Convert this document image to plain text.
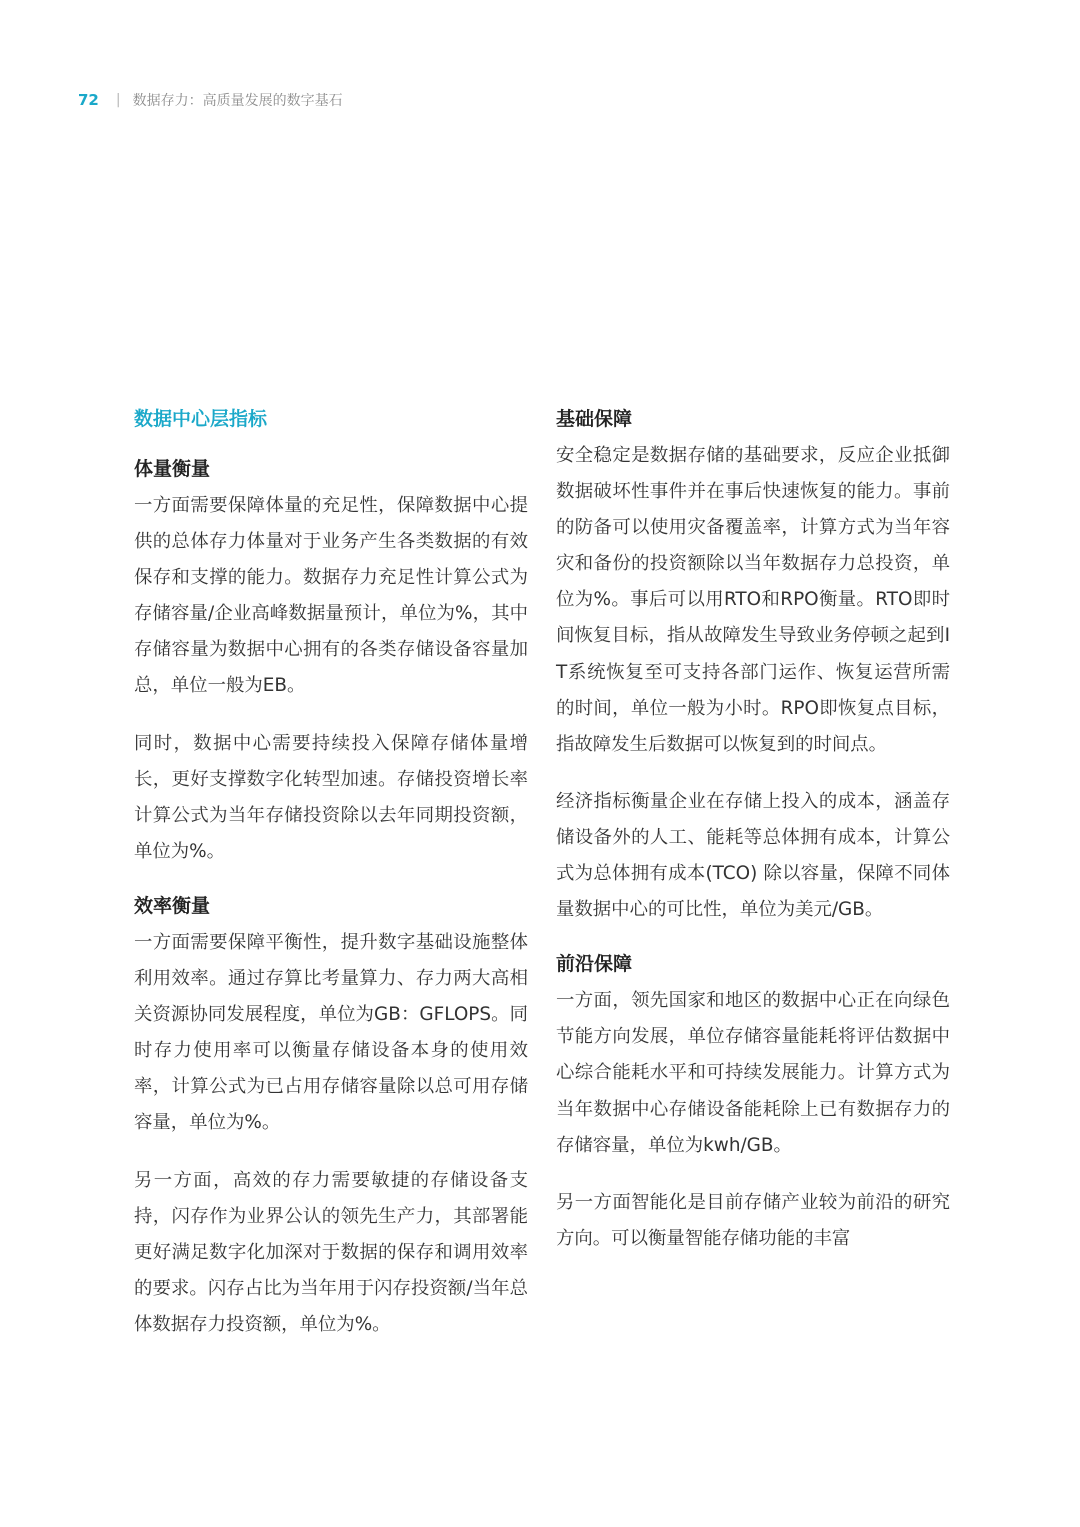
72 | 数据存力：高质量发展的数字基石
数据中心层指标
体量衡量

一方面需要保障体量的充足性，保障数据中心提供的总体存力体量对于业务产生各类数据的有效保存和支撑的能力。数据存力充足性计算公式为存储容量/企业高峰数据量预计，单位为%，其中存储容量为数据中心拥有的各类存储设备容量加总，单位一般为EB。

同时，数据中心需要持续投入保障存储体量增长，更好支撑数字化转型加速。存储投资增长率计算公式为当年存储投资除以去年同期投资额，单位为%。

效率衡量

一方面需要保障平衡性，提升数字基础设施整体利用效率。通过存算比考量算力、存力两大高相关资源协同发展程度，单位为GB：GFLOPS。同时存力使用率可以衡量存储设备本身的使用效率，计算公式为已占用存储容量除以总可用存储容量，单位为%。

另一方面，高效的存力需要敏捷的存储设备支持，闪存作为业界公认的领先生产力，其部署能更好满足数字化加深对于数据的保存和调用效率的要求。闪存占比为当年用于闪存投资额/当年总体数据存力投资额，单位为%。

基础保障

安全稳定是数据存储的基础要求，反应企业抵御数据破坏性事件并在事后快速恢复的能力。事前的防备可以使用灾备覆盖率，计算方式为当年容灾和备份的投资额除以当年数据存力总投资，单位为%。事后可以用RTO和RPO衡量。RTO即时间恢复目标，指从故障发生导致业务停顿之起到IT系统恢复至可支持各部门运作、恢复运营所需的时间，单位一般为小时。RPO即恢复点目标，指故障发生后数据可以恢复到的时间点。

经济指标衡量企业在存储上投入的成本，涵盖存储设备外的人工、能耗等总体拥有成本，计算公式为总体拥有成本(TCO) 除以容量，保障不同体量数据中心的可比性，单位为美元/GB。

前沿保障

一方面，领先国家和地区的数据中心正在向绿色节能方向发展，单位存储容量能耗将评估数据中心综合能耗水平和可持续发展能力。计算方式为当年数据中心存储设备能耗除上已有数据存力的存储容量，单位为kwh/GB。

另一方面智能化是目前存储产业较为前沿的研究方向。可以衡量智能存储功能的丰富
